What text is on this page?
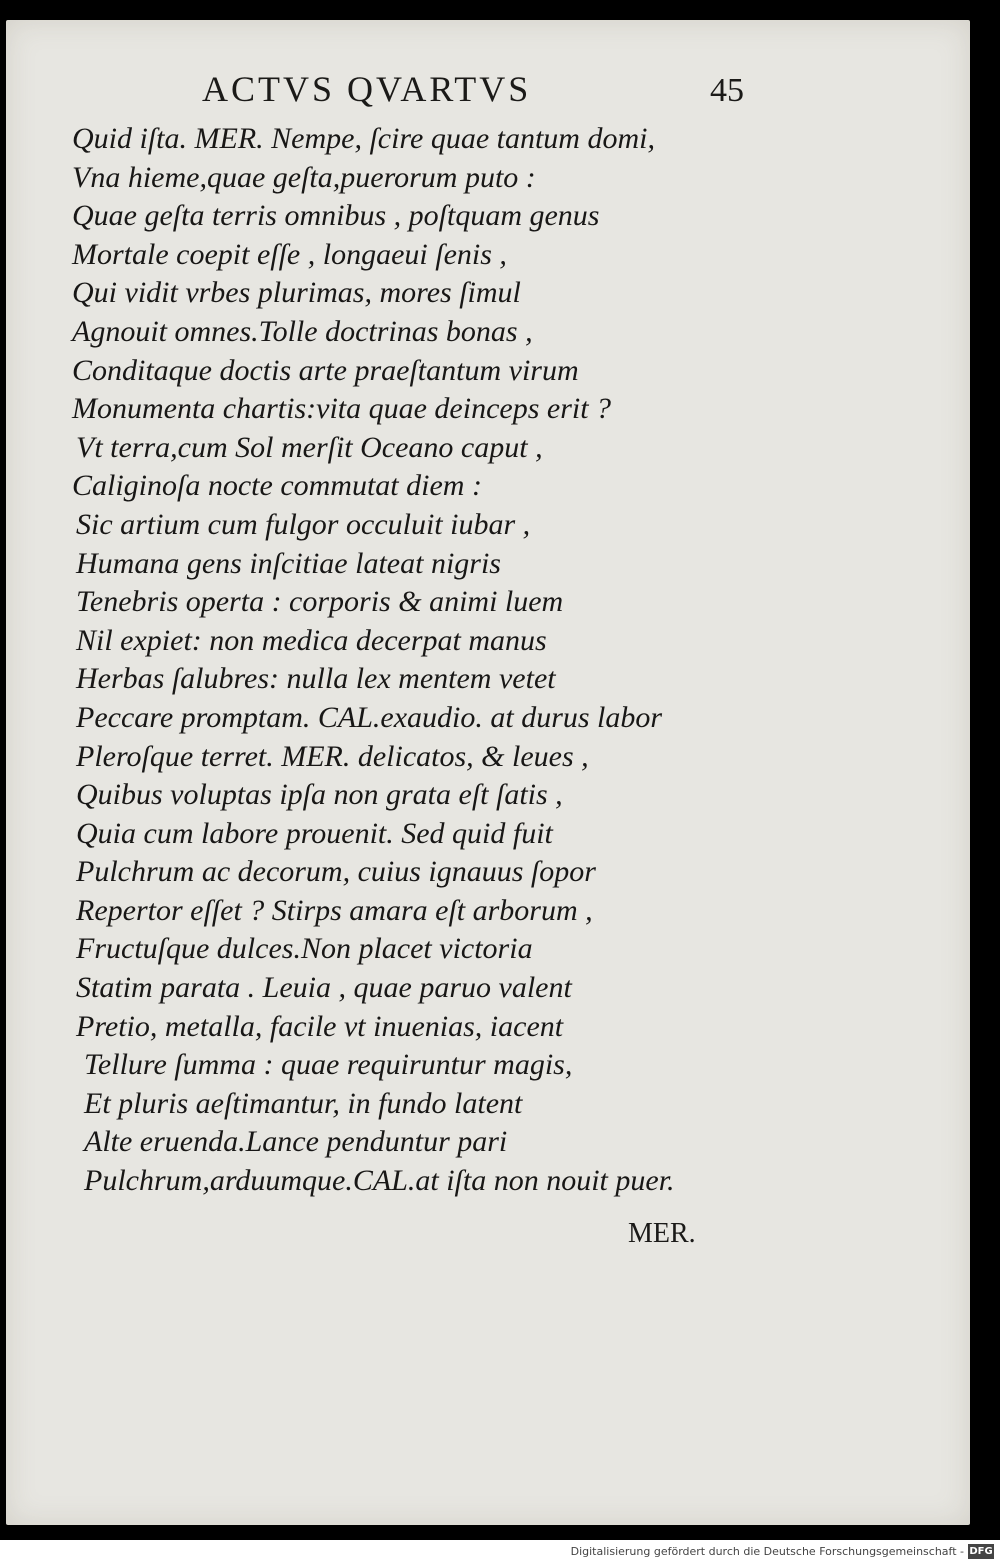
ACTVS QVARTVS	45
Quid iſta. MER. Nempe, ſcire quae tantum domi,
Vna hieme,quae geſta,puerorum puto :
Quae geſta terris omnibus , poſtquam genus
Mortale coepit eſſe , longaeui ſenis ,
Qui vidit vrbes plurimas, mores ſimul
Agnouit omnes.Tolle doctrinas bonas ,
Conditaque doctis arte praeſtantum virum
Monumenta chartis:vita quae deinceps erit ?
Vt terra,cum Sol merſit Oceano caput ,
Caliginoſa nocte commutat diem :
Sic artium cum fulgor occuluit iubar ,
Humana gens inſcitiae lateat nigris
Tenebris operta : corporis & animi luem
Nil expiet: non medica decerpat manus
Herbas ſalubres: nulla lex mentem vetet
Peccare promptam. CAL.exaudio. at durus labor
Pleroſque terret. MER. delicatos, & leues ,
Quibus voluptas ipſa non grata eſt ſatis ,
Quia cum labore prouenit. Sed quid fuit
Pulchrum ac decorum, cuius ignauus ſopor
Repertor eſſet ? Stirps amara eſt arborum ,
Fructuſque dulces.Non placet victoria
Statim parata . Leuia , quae paruo valent
Pretio, metalla, facile vt inuenias, iacent
Tellure ſumma : quae requiruntur magis,
Et pluris aeſtimantur, in fundo latent
Alte eruenda.Lance penduntur pari
Pulchrum,arduumque.CAL.at iſta non nouit puer.
MER.
Digitalisierung gefördert durch die Deutsche Forschungsgemeinschaft - DFG
